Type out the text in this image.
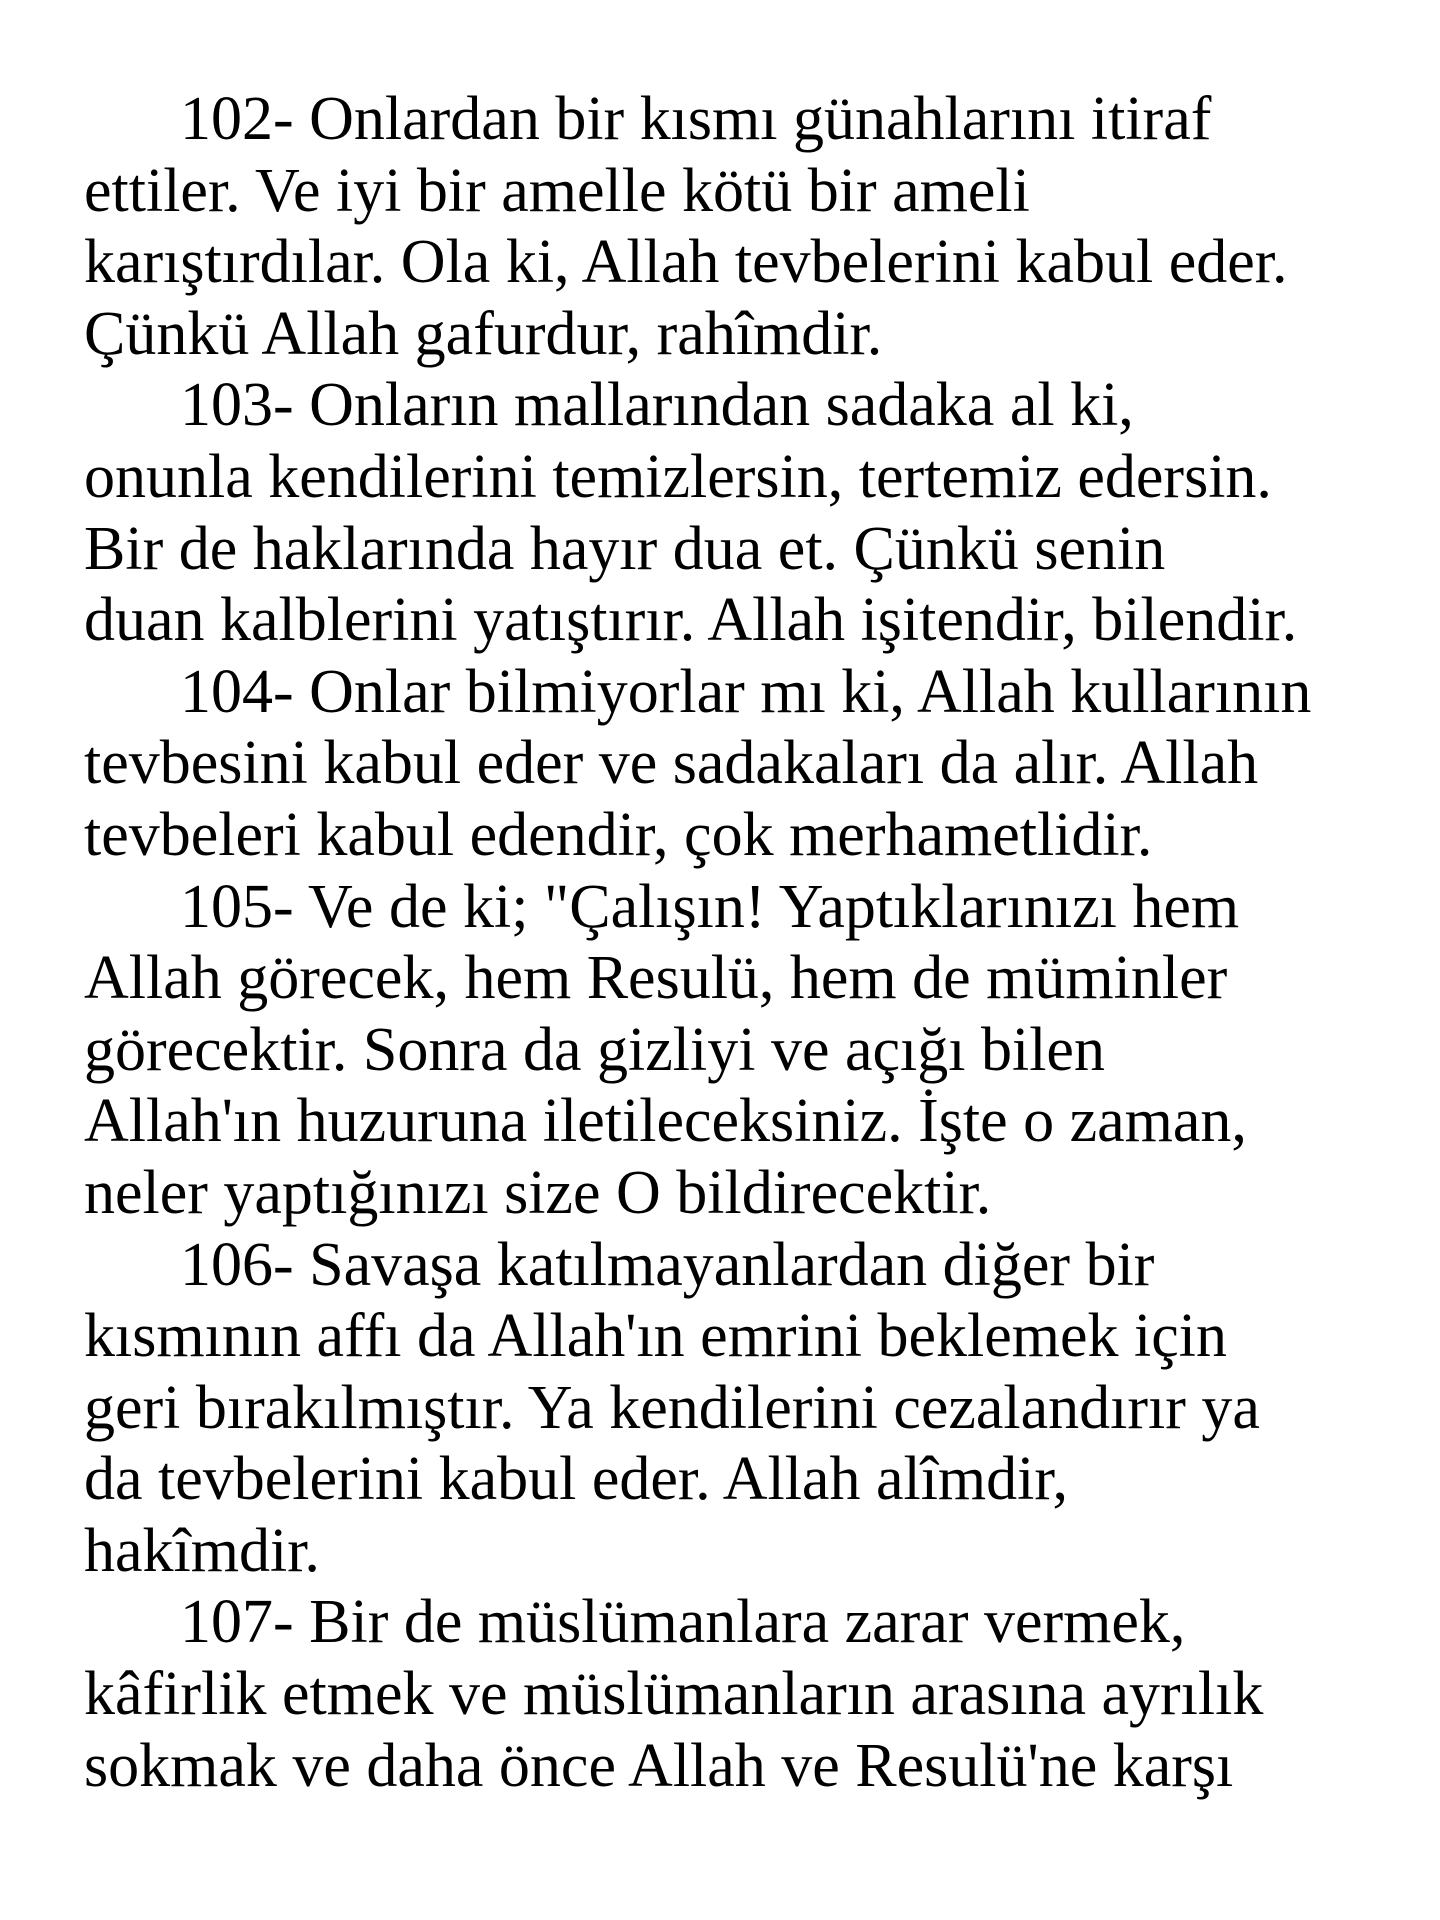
102- Onlardan bir kısmı günahlarını itiraf
ettiler. Ve iyi bir amelle kötü bir ameli
karıştırdılar. Ola ki, Allah tevbelerini kabul eder.
Çünkü Allah gafurdur, rahîmdir.
103- Onların mallarından sadaka al ki,
onunla kendilerini temizlersin, tertemiz edersin.
Bir de haklarında hayır dua et. Çünkü senin
duan kalblerini yatıştırır. Allah işitendir, bilendir.
104- Onlar bilmiyorlar mı ki, Allah kullarının
tevbesini kabul eder ve sadakaları da alır. Allah
tevbeleri kabul edendir, çok merhametlidir.
105- Ve de ki; "Çalışın! Yaptıklarınızı hem
Allah görecek, hem Resulü, hem de müminler
görecektir. Sonra da gizliyi ve açığı bilen
Allah'ın huzuruna iletileceksiniz. İşte o zaman,
neler yaptığınızı size O bildirecektir.
106- Savaşa katılmayanlardan diğer bir
kısmının affı da Allah'ın emrini beklemek için
geri bırakılmıştır. Ya kendilerini cezalandırır ya
da tevbelerini kabul eder. Allah alîmdir,
hakîmdir.
107- Bir de müslümanlara zarar vermek,
kâfirlik etmek ve müslümanların arasına ayrılık
sokmak ve daha önce Allah ve Resulü'ne karşı
